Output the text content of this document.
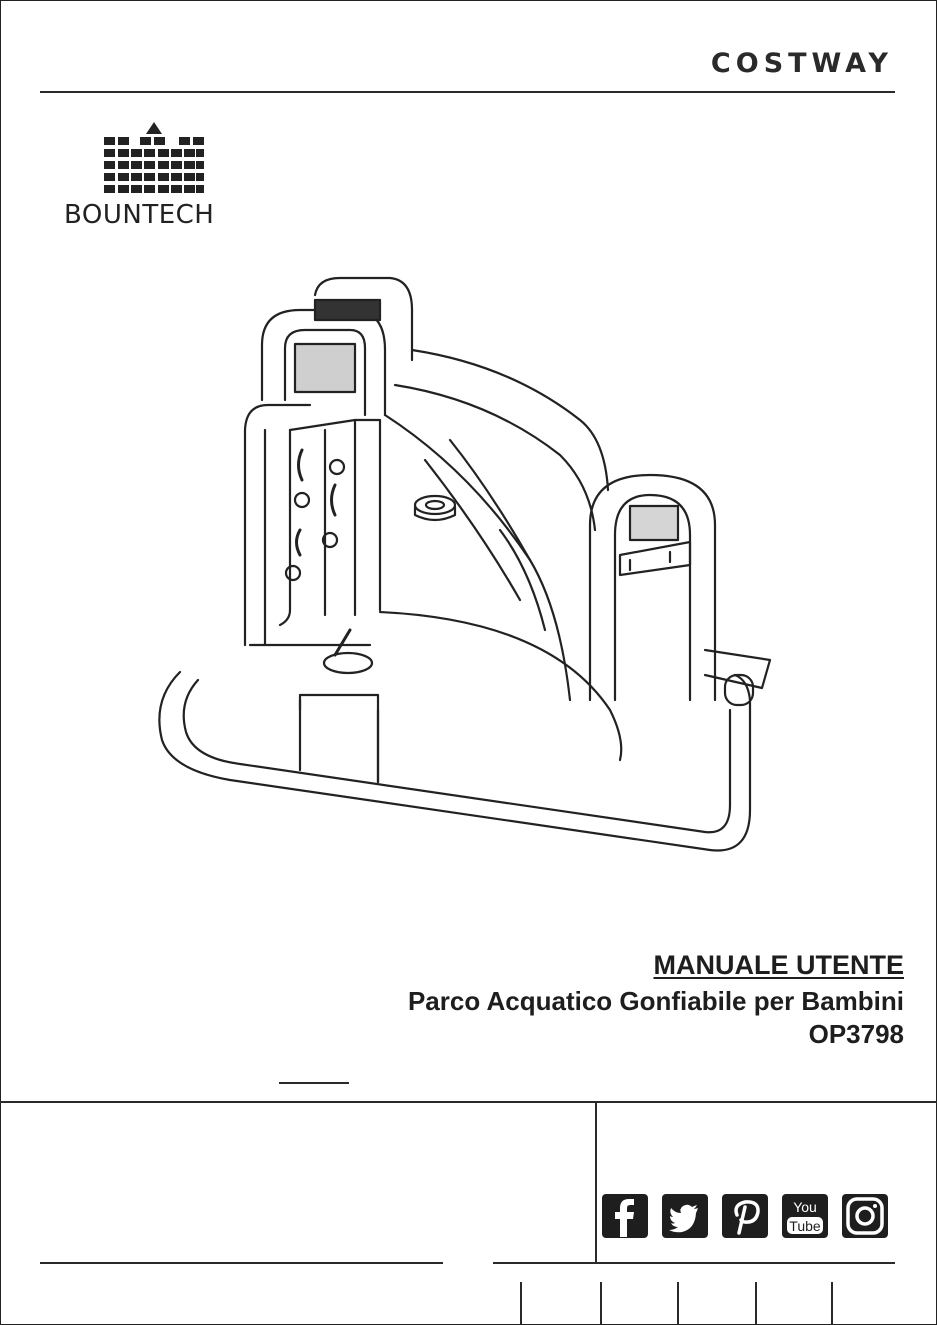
COSTWAY
BOUNTECH
MANUALE UTENTE
Parco Acquatico Gonfiabile per Bambini
OP3798
You
Tube
